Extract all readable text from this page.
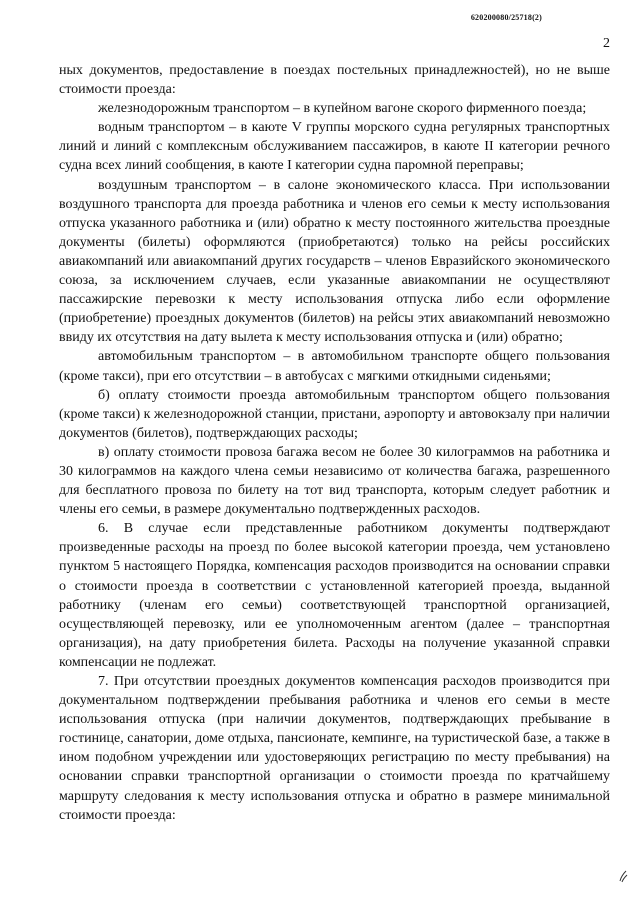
620200080/25718(2)
2

ных документов, предоставление в поездах постельных принадлежностей), но не выше стоимости проезда:

железнодорожным транспортом – в купейном вагоне скорого фирменного поезда;

водным транспортом – в каюте V группы морского судна регулярных транспортных линий и линий с комплексным обслуживанием пассажиров, в каюте II категории речного судна всех линий сообщения, в каюте I категории судна паромной переправы;

воздушным транспортом – в салоне экономического класса. При использовании воздушного транспорта для проезда работника и членов его семьи к месту использования отпуска указанного работника и (или) обратно к месту постоянного жительства проездные документы (билеты) оформляются (приобретаются) только на рейсы российских авиакомпаний или авиакомпаний других государств – членов Евразийского экономического союза, за исключением случаев, если указанные авиакомпании не осуществляют пассажирские перевозки к месту использования отпуска либо если оформление (приобретение) проездных документов (билетов) на рейсы этих авиакомпаний невозможно ввиду их отсутствия на дату вылета к месту использования отпуска и (или) обратно;

автомобильным транспортом – в автомобильном транспорте общего пользования (кроме такси), при его отсутствии – в автобусах с мягкими откидными сиденьями;

б) оплату стоимости проезда автомобильным транспортом общего пользования (кроме такси) к железнодорожной станции, пристани, аэропорту и автовокзалу при наличии документов (билетов), подтверждающих расходы;

в) оплату стоимости провоза багажа весом не более 30 килограммов на работника и 30 килограммов на каждого члена семьи независимо от количества багажа, разрешенного для бесплатного провоза по билету на тот вид транспорта, которым следует работник и члены его семьи, в размере документально подтвержденных расходов.

6. В случае если представленные работником документы подтверждают произведенные расходы на проезд по более высокой категории проезда, чем установлено пунктом 5 настоящего Порядка, компенсация расходов производится на основании справки о стоимости проезда в соответствии с установленной категорией проезда, выданной работнику (членам его семьи) соответствующей транспортной организацией, осуществляющей перевозку, или ее уполномоченным агентом (далее – транспортная организация), на дату приобретения билета. Расходы на получение указанной справки компенсации не подлежат.

7. При отсутствии проездных документов компенсация расходов производится при документальном подтверждении пребывания работника и членов его семьи в месте использования отпуска (при наличии документов, подтверждающих пребывание в гостинице, санатории, доме отдыха, пансионате, кемпинге, на туристической базе, а также в ином подобном учреждении или удостоверяющих регистрацию по месту пребывания) на основании справки транспортной организации о стоимости проезда по кратчайшему маршруту следования к месту использования отпуска и обратно в размере минимальной стоимости проезда:
